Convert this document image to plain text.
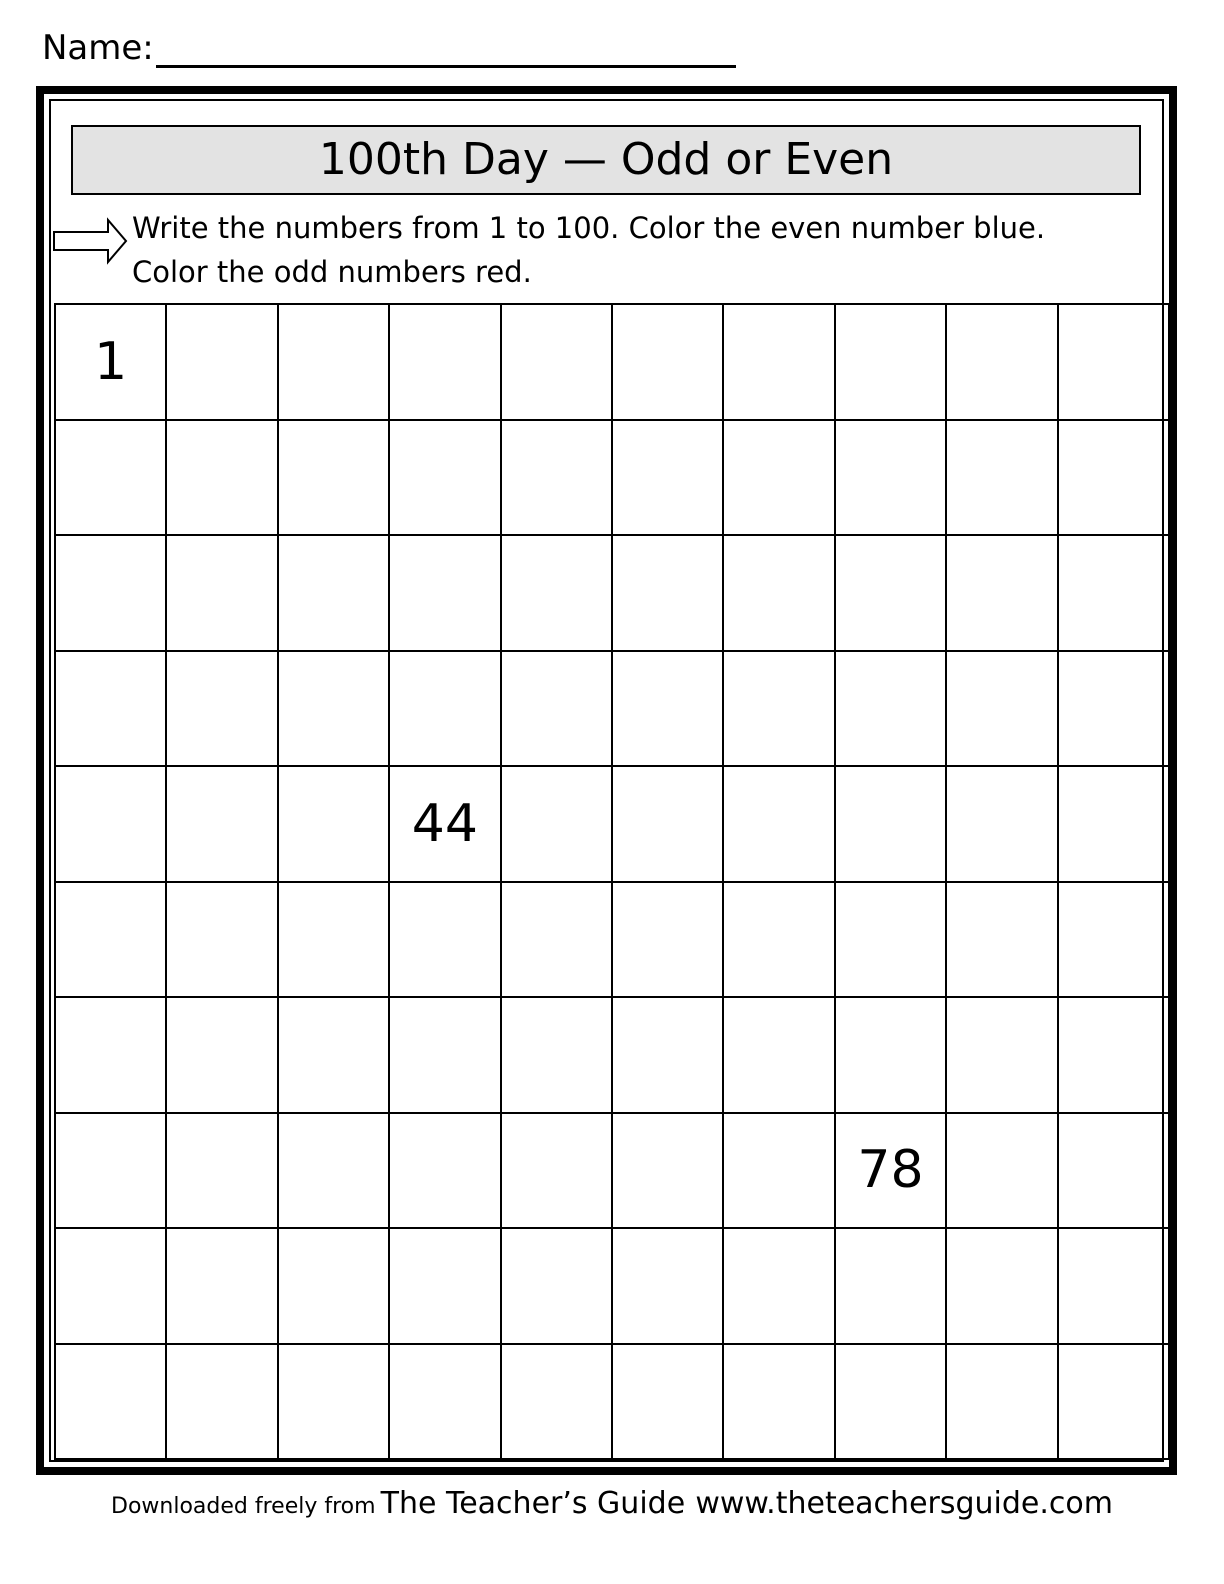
Name:
100th Day — Odd or Even
Write the numbers from 1 to 100. Color the even number blue.
Color the odd numbers red.
1
44
78
Downloaded freely from The Teacher’s Guide www.theteachersguide.com
